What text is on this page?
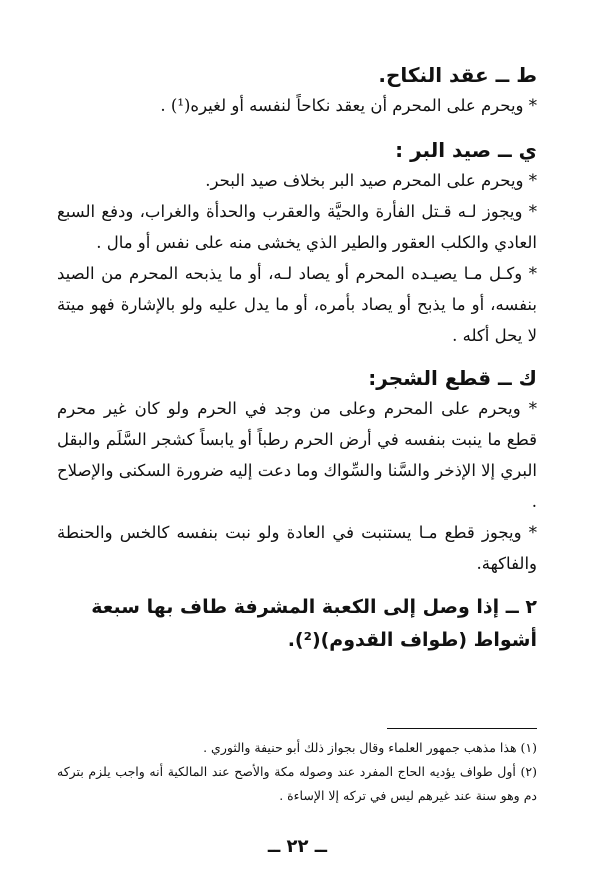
ط ــ عقد النكاح.

* ويحرم على المحرم أن يعقد نكاحاً لنفسه أو لغيره(¹) .

ي ــ صيد البر :

* ويحرم على المحرم صيد البر بخلاف صيد البحر.

* ويجوز لـه قـتل الفأرة والحيَّة والعقرب والحدأة والغراب، ودفع السبع العادي والكلب العقور والطير الذي يخشى منه على نفس أو مال .

* وكـل مـا يصيـده المحرم أو يصاد لـه، أو ما يذبحه المحرم من الصيد بنفسه، أو ما يذبح أو يصاد بأمره، أو ما يدل عليه ولو بالإشارة فهو ميتة لا يحل أكله .

ك ــ قطع الشجر:

* ويحرم على المحرم وعلى من وجد في الحرم ولو كان غير محرم قطع ما ينبت بنفسه في أرض الحرم رطباً أو يابساً كشجر السَّلَم والبقل البري إلا الإذخر والسَّنا والسِّواك وما دعت إليه ضرورة السكنى والإصلاح .

* ويجوز قطع مـا يستنبت في العادة ولو نبت بنفسه كالخس والحنطة والفاكهة.

٢ ــ إذا وصل إلى الكعبة المشرفة طاف بها سبعة أشواط (طواف القدوم)(²).

(١) هذا مذهب جمهور العلماء وقال بجواز ذلك أبو حنيفة والثوري .

(٢) أول طواف يؤديه الحاج المفرد عند وصوله مكة والأصح عند المالكية أنه واجب يلزم بتركه دم وهو سنة عند غيرهم ليس في تركه إلا الإساءة .

ــ ٢٢ ــ
